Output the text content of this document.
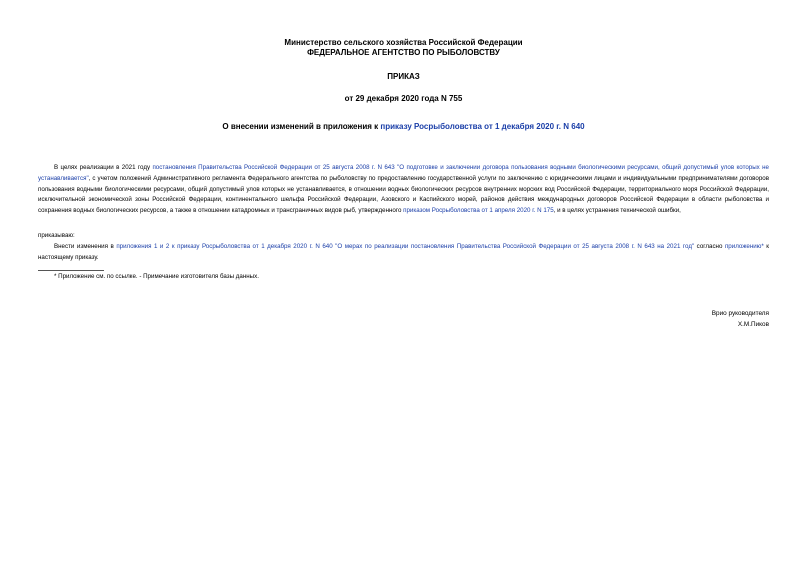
Министерство сельского хозяйства Российской Федерации
ФЕДЕРАЛЬНОЕ АГЕНТСТВО ПО РЫБОЛОВСТВУ
ПРИКАЗ
от 29 декабря 2020 года N 755
О внесении изменений в приложения к приказу Росрыболовства от 1 декабря 2020 г. N 640

В целях реализации в 2021 году постановления Правительства Российской Федерации от 25 августа 2008 г. N 643 "О подготовке и заключении договора пользования водными биологическими ресурсами, общий допустимый улов которых не устанавливается", с учетом положений Административного регламента Федерального агентства по рыболовству по предоставлению государственной услуги по заключению с юридическими лицами и индивидуальными предпринимателями договоров пользования водными биологическими ресурсами, общий допустимый улов которых не устанавливается, в отношении водных биологических ресурсов внутренних морских вод Российской Федерации, территориального моря Российской Федерации, исключительной экономической зоны Российской Федерации, континентального шельфа Российской Федерации, Азовского и Каспийского морей, районов действия международных договоров Российской Федерации в области рыболовства и сохранения водных биологических ресурсов, а также в отношении катадромных и трансграничных видов рыб, утвержденного приказом Росрыболовства от 1 апреля 2020 г. N 175, и в целях устранения технической ошибки,

приказываю:

Внести изменения в приложения 1 и 2 к приказу Росрыболовства от 1 декабря 2020 г. N 640 "О мерах по реализации постановления Правительства Российской Федерации от 25 августа 2008 г. N 643 на 2021 год" согласно приложению* к настоящему приказу.

* Приложение см. по ссылке. - Примечание изготовителя базы данных.
Врио руководителя
Х.М.Пиков
